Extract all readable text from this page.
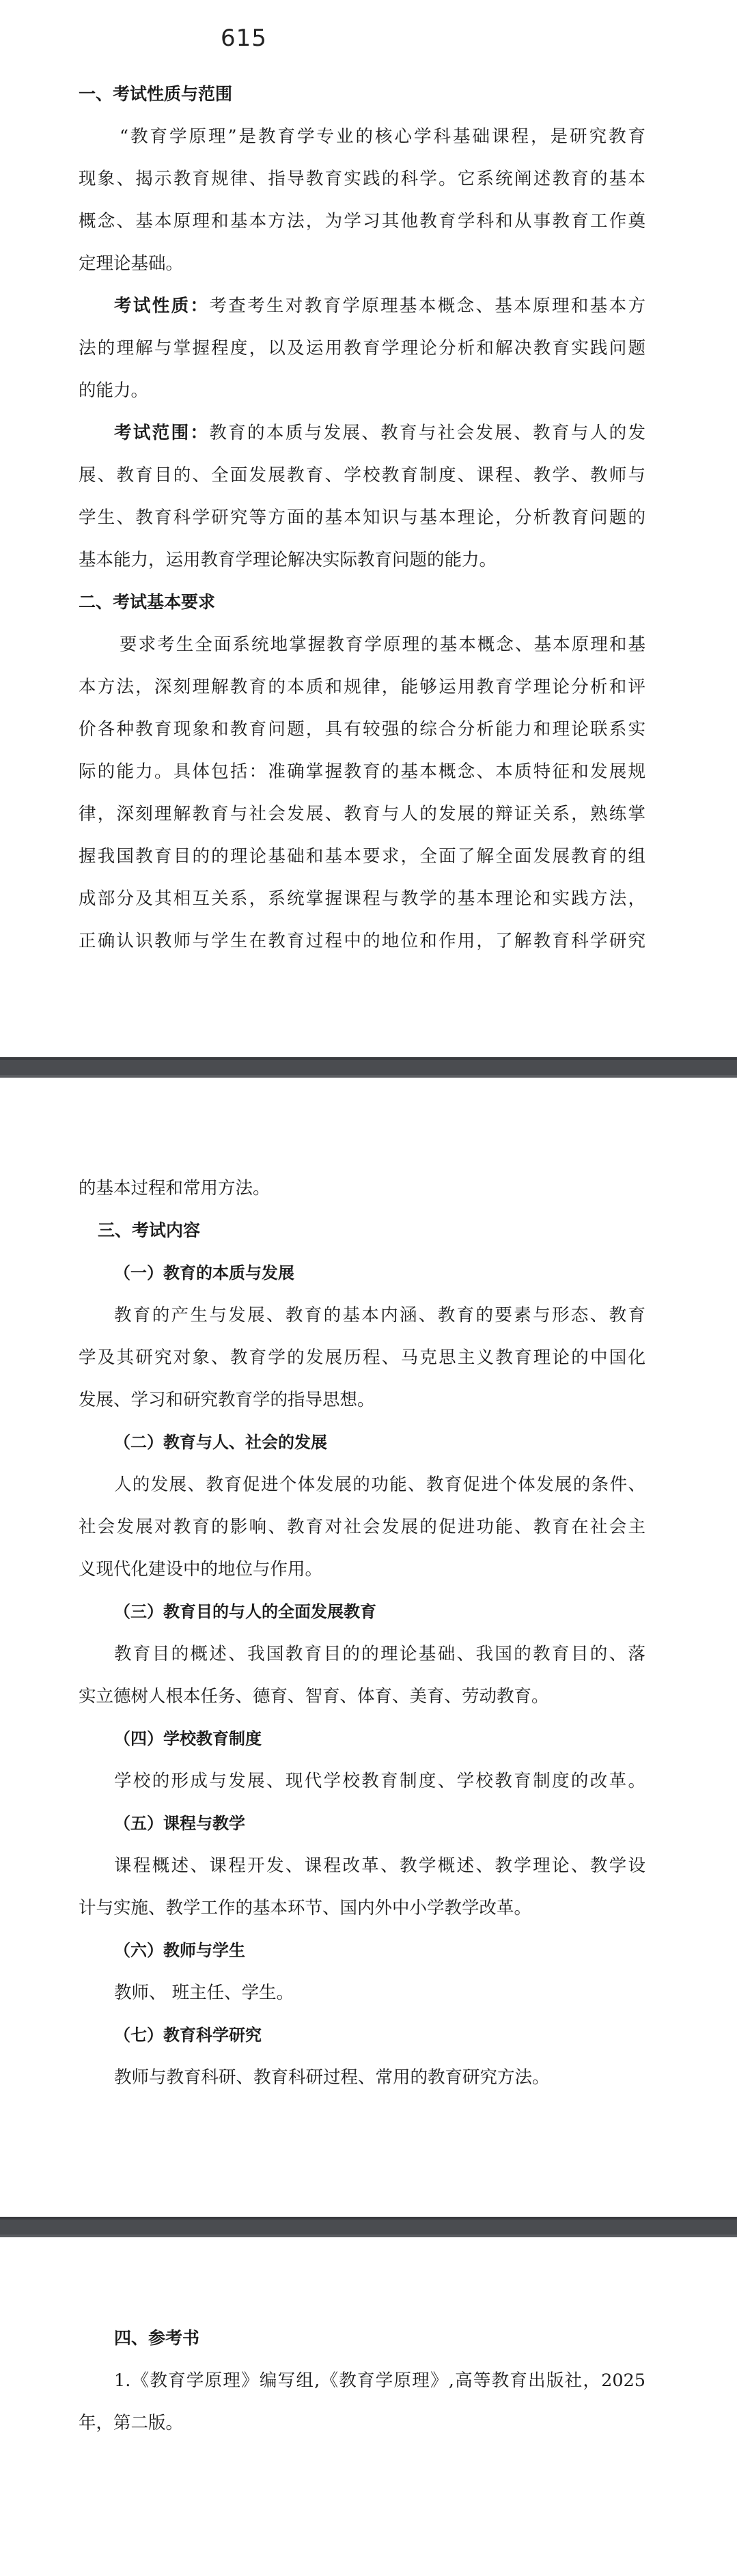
615
一、考试性质与范围
“教育学原理”是教育学专业的核心学科基础课程，是研究教育
现象、揭示教育规律、指导教育实践的科学。它系统阐述教育的基本
概念、基本原理和基本方法，为学习其他教育学科和从事教育工作奠
定理论基础。
考试性质：考查考生对教育学原理基本概念、基本原理和基本方
法的理解与掌握程度，以及运用教育学理论分析和解决教育实践问题
的能力。
考试范围：教育的本质与发展、教育与社会发展、教育与人的发
展、教育目的、全面发展教育、学校教育制度、课程、教学、教师与
学生、教育科学研究等方面的基本知识与基本理论，分析教育问题的
基本能力，运用教育学理论解决实际教育问题的能力。
二、考试基本要求
要求考生全面系统地掌握教育学原理的基本概念、基本原理和基
本方法，深刻理解教育的本质和规律，能够运用教育学理论分析和评
价各种教育现象和教育问题，具有较强的综合分析能力和理论联系实
际的能力。具体包括：准确掌握教育的基本概念、本质特征和发展规
律，深刻理解教育与社会发展、教育与人的发展的辩证关系，熟练掌
握我国教育目的的理论基础和基本要求，全面了解全面发展教育的组
成部分及其相互关系，系统掌握课程与教学的基本理论和实践方法，
正确认识教师与学生在教育过程中的地位和作用，了解教育科学研究
的基本过程和常用方法。
三、考试内容
（一）教育的本质与发展
教育的产生与发展、教育的基本内涵、教育的要素与形态、教育
学及其研究对象、教育学的发展历程、马克思主义教育理论的中国化
发展、学习和研究教育学的指导思想。
（二）教育与人、社会的发展
人的发展、教育促进个体发展的功能、教育促进个体发展的条件、
社会发展对教育的影响、教育对社会发展的促进功能、教育在社会主
义现代化建设中的地位与作用。
（三）教育目的与人的全面发展教育
教育目的概述、我国教育目的的理论基础、我国的教育目的、落
实立德树人根本任务、德育、智育、体育、美育、劳动教育。
（四）学校教育制度
学校的形成与发展、现代学校教育制度、学校教育制度的改革。
（五）课程与教学
课程概述、课程开发、课程改革、教学概述、教学理论、教学设
计与实施、教学工作的基本环节、国内外中小学教学改革。
（六）教师与学生
教师、 班主任、学生。
（七）教育科学研究
教师与教育科研、教育科研过程、常用的教育研究方法。
四、参考书
1.《教育学原理》编写组,《教育学原理》,高等教育出版社，2025
年，第二版。
